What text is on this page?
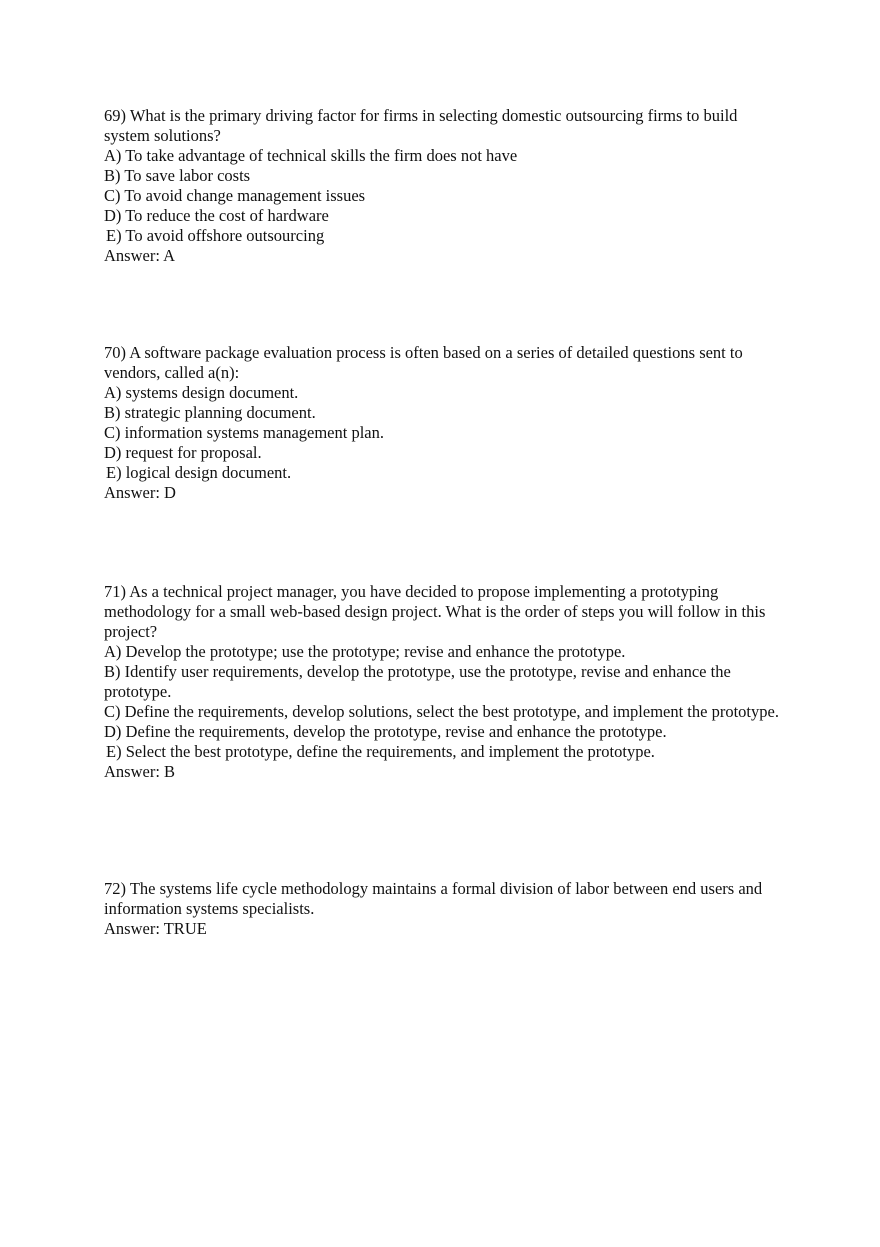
69) What is the primary driving factor for firms in selecting domestic outsourcing firms to build system solutions?

A) To take advantage of technical skills the firm does not have

B) To save labor costs

C) To avoid change management issues

D) To reduce the cost of hardware

E) To avoid offshore outsourcing

Answer: A

70) A software package evaluation process is often based on a series of detailed questions sent to vendors, called a(n):

A) systems design document.

B) strategic planning document.

C) information systems management plan.

D) request for proposal.

E) logical design document.

Answer: D

71) As a technical project manager, you have decided to propose implementing a prototyping methodology for a small web-based design project. What is the order of steps you will follow in this project?

A) Develop the prototype; use the prototype; revise and enhance the prototype.

B) Identify user requirements, develop the prototype, use the prototype, revise and enhance the prototype.

C) Define the requirements, develop solutions, select the best prototype, and implement the prototype.

D) Define the requirements, develop the prototype, revise and enhance the prototype.

E) Select the best prototype, define the requirements, and implement the prototype.

Answer: B

72) The systems life cycle methodology maintains a formal division of labor between end users and information systems specialists.

Answer: TRUE
